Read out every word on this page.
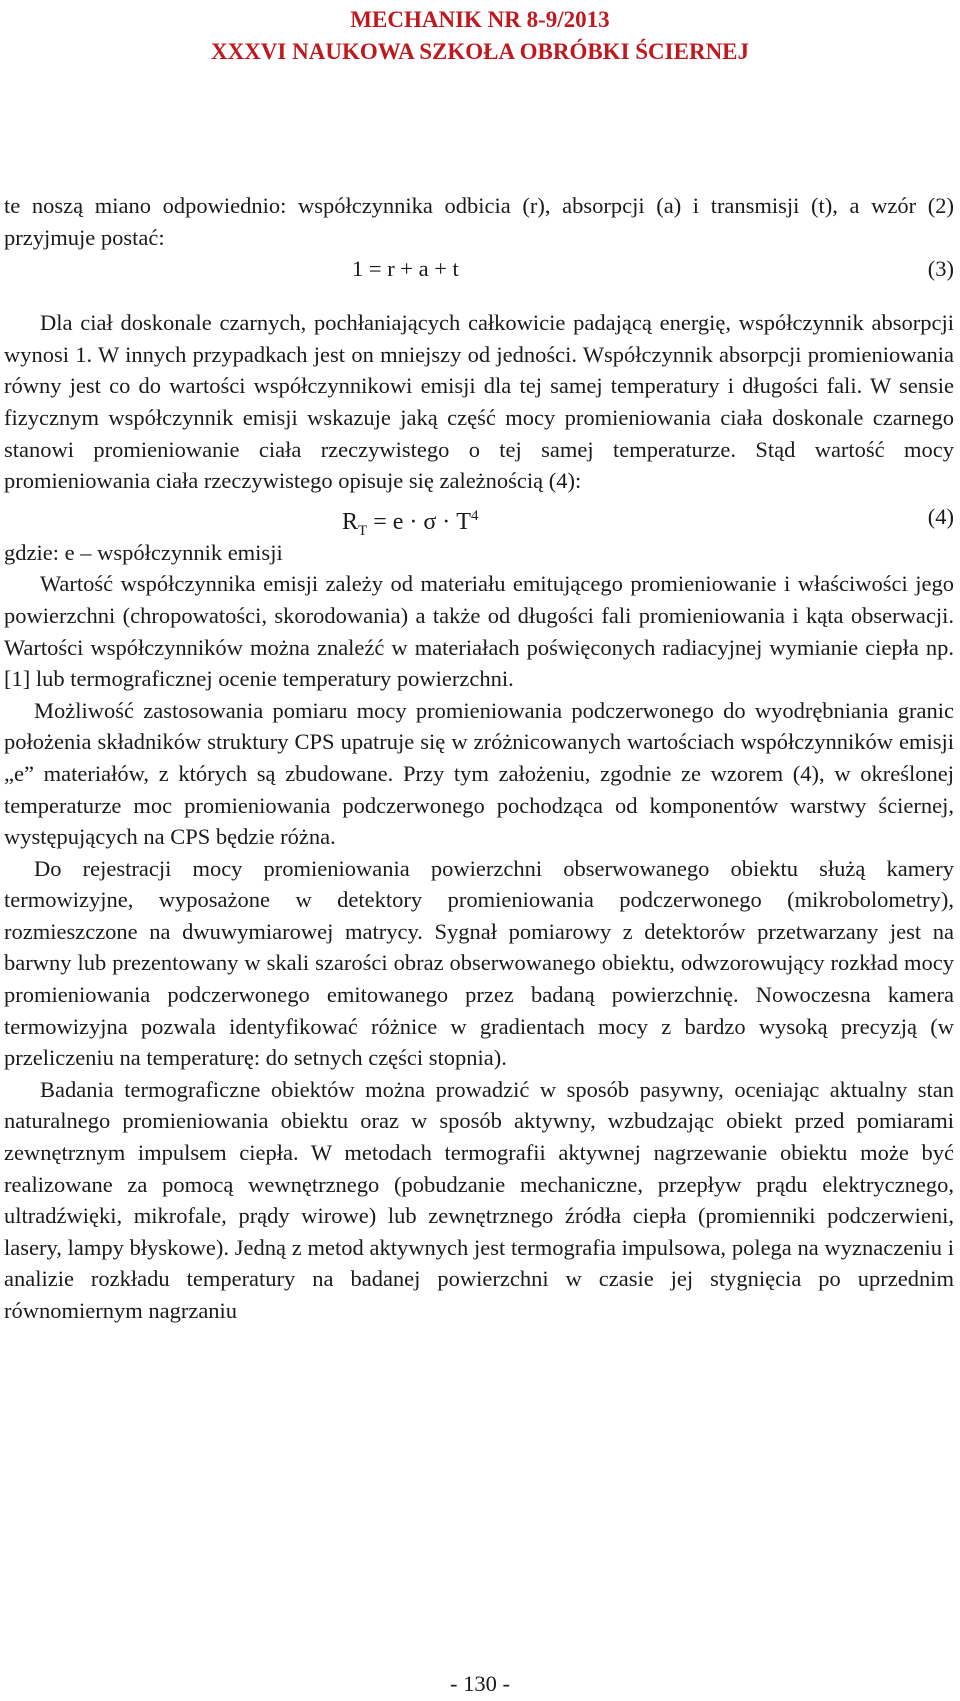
MECHANIK NR 8-9/2013
XXXVI NAUKOWA SZKOŁA OBRÓBKI ŚCIERNEJ

te noszą miano odpowiednio: współczynnika odbicia (r), absorpcji (a) i transmisji (t), a wzór (2) przyjmuje postać:

1 = r + a + t	(3)

Dla ciał doskonale czarnych, pochłaniających całkowicie padającą energię, współczynnik absorpcji wynosi 1. W innych przypadkach jest on mniejszy od jedności. Współczynnik absorpcji promieniowania równy jest co do wartości współczynnikowi emisji dla tej samej temperatury i długości fali. W sensie fizycznym współczynnik emisji wskazuje jaką część mocy promieniowania ciała doskonale czarnego stanowi promieniowanie ciała rzeczywistego o tej samej temperaturze. Stąd wartość mocy promieniowania ciała rzeczywistego opisuje się zależnością (4):

$R_T = e \cdot \sigma \cdot T^4$	(4)

gdzie: e – współczynnik emisji

Wartość współczynnika emisji zależy od materiału emitującego promieniowanie i właściwości jego powierzchni (chropowatości, skorodowania) a także od długości fali promieniowania i kąta obserwacji. Wartości współczynników można znaleźć w materiałach poświęconych radiacyjnej wymianie ciepła np.[1] lub termograficznej ocenie temperatury powierzchni.

Możliwość zastosowania pomiaru mocy promieniowania podczerwonego do wyodrębniania granic położenia składników struktury CPS upatruje się w zróżnicowanych wartościach współczynników emisji „e” materiałów, z których są zbudowane. Przy tym założeniu, zgodnie ze wzorem (4), w określonej temperaturze moc promieniowania podczerwonego pochodząca od komponentów warstwy ściernej, występujących na CPS będzie różna.

Do rejestracji mocy promieniowania powierzchni obserwowanego obiektu służą kamery termowizyjne, wyposażone w detektory promieniowania podczerwonego (mikrobolometry), rozmieszczone na dwuwymiarowej matrycy. Sygnał pomiarowy z detektorów przetwarzany jest na barwny lub prezentowany w skali szarości obraz obserwowanego obiektu, odwzorowujący rozkład mocy promieniowania podczerwonego emitowanego przez badaną powierzchnię. Nowoczesna kamera termowizyjna pozwala identyfikować różnice w gradientach mocy z bardzo wysoką precyzją (w przeliczeniu na temperaturę: do setnych części stopnia).

Badania termograficzne obiektów można prowadzić w sposób pasywny, oceniając aktualny stan naturalnego promieniowania obiektu oraz w sposób aktywny, wzbudzając obiekt przed pomiarami zewnętrznym impulsem ciepła. W metodach termografii aktywnej nagrzewanie obiektu może być realizowane za pomocą wewnętrznego (pobudzanie mechaniczne, przepływ prądu elektrycznego, ultradźwięki, mikrofale, prądy wirowe) lub zewnętrznego źródła ciepła (promienniki podczerwieni, lasery, lampy błyskowe). Jedną z metod aktywnych jest termografia impulsowa, polega na wyznaczeniu i analizie rozkładu temperatury na badanej powierzchni w czasie jej stygnięcia po uprzednim równomiernym nagrzaniu

- 130 -
